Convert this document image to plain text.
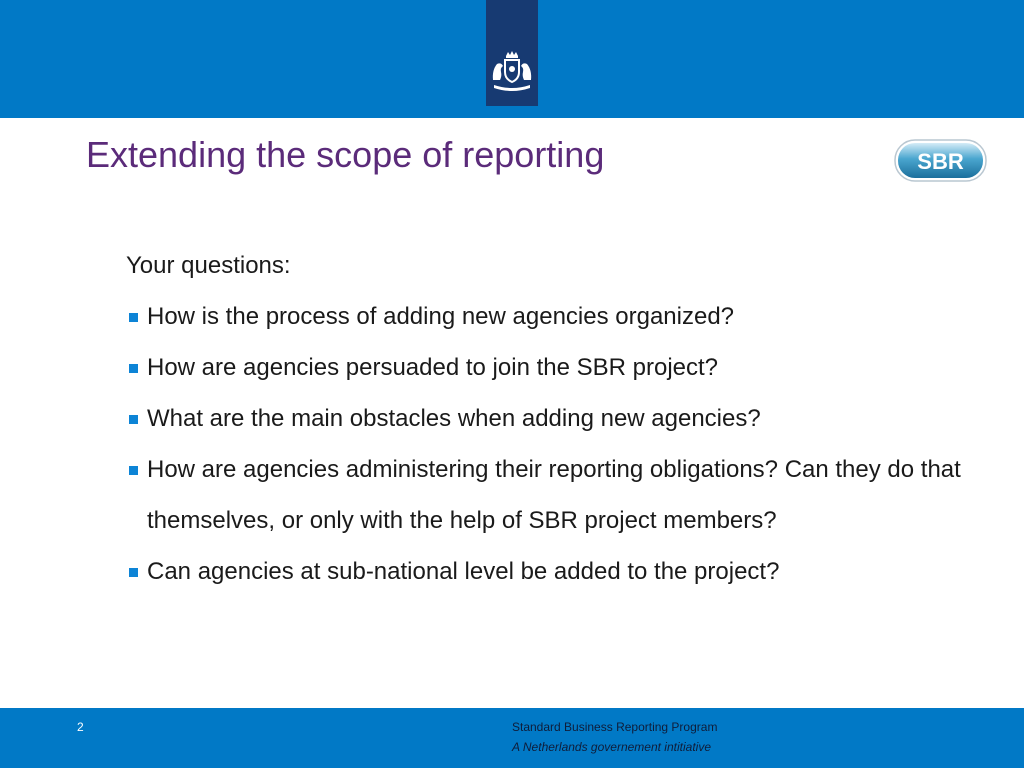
Extending the scope of reporting	SBR
Your questions:
How is the process of adding new agencies organized?
How are agencies persuaded to join the SBR project?
What are the main obstacles when adding new agencies?
How are agencies administering their reporting obligations? Can they do that themselves, or only with the help of SBR project members?
Can agencies at sub-national level be added to the project?
2	Standard Business Reporting Program
A Netherlands governement intitiative
